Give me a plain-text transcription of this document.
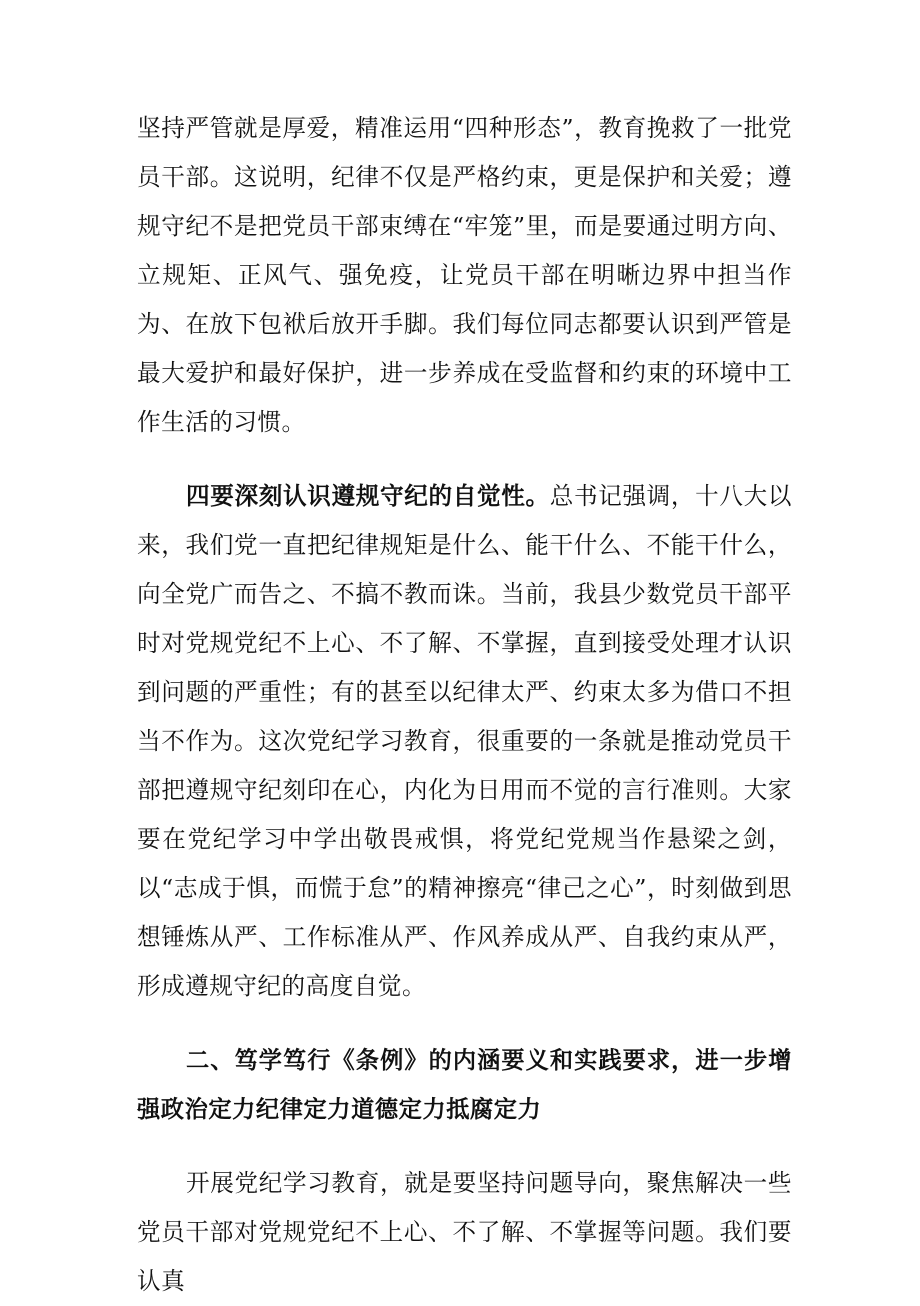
坚持严管就是厚爱，精准运用“四种形态”，教育挽救了一批党员干部。这说明，纪律不仅是严格约束，更是保护和关爱；遵规守纪不是把党员干部束缚在“牢笼”里，而是要通过明方向、立规矩、正风气、强免疫，让党员干部在明晰边界中担当作为、在放下包袱后放开手脚。我们每位同志都要认识到严管是最大爱护和最好保护，进一步养成在受监督和约束的环境中工作生活的习惯。

四要深刻认识遵规守纪的自觉性。总书记强调，十八大以来，我们党一直把纪律规矩是什么、能干什么、不能干什么，向全党广而告之、不搞不教而诛。当前，我县少数党员干部平时对党规党纪不上心、不了解、不掌握，直到接受处理才认识到问题的严重性；有的甚至以纪律太严、约束太多为借口不担当不作为。这次党纪学习教育，很重要的一条就是推动党员干部把遵规守纪刻印在心，内化为日用而不觉的言行准则。大家要在党纪学习中学出敬畏戒惧，将党纪党规当作悬梁之剑，以“志成于惧，而慌于怠”的精神擦亮“律己之心”，时刻做到思想锤炼从严、工作标准从严、作风养成从严、自我约束从严，形成遵规守纪的高度自觉。

二、笃学笃行《条例》的内涵要义和实践要求，进一步增强政治定力纪律定力道德定力抵腐定力

开展党纪学习教育，就是要坚持问题导向，聚焦解决一些党员干部对党规党纪不上心、不了解、不掌握等问题。我们要认真
